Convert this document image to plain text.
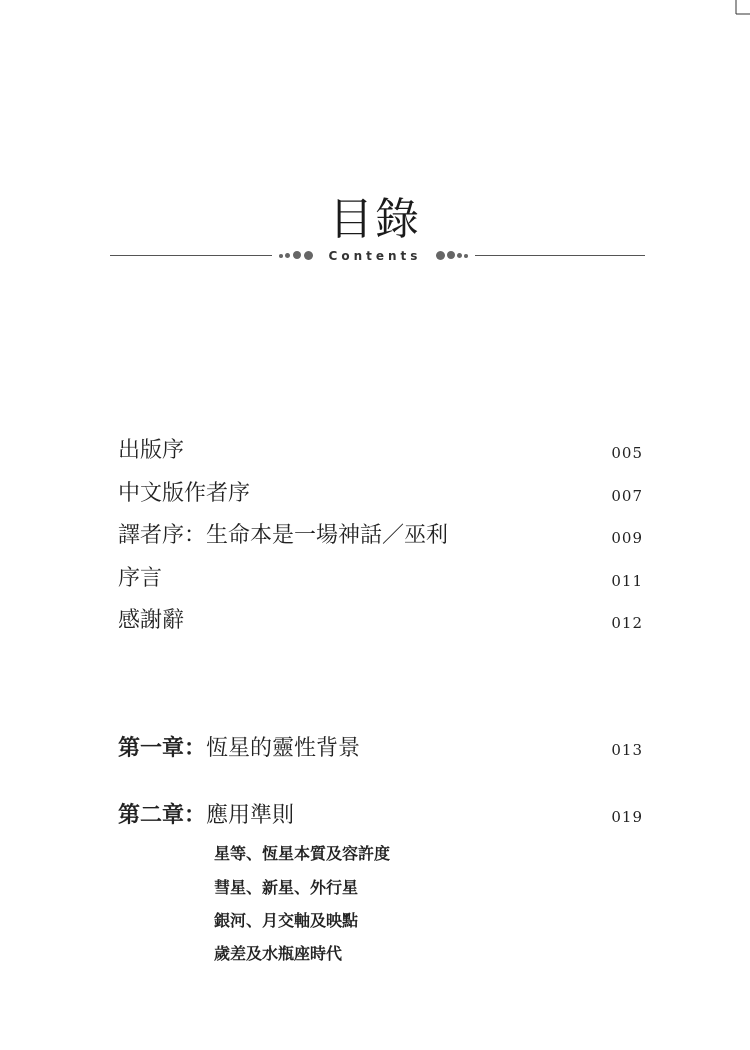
目錄
Contents
出版序	005
中文版作者序	007
譯者序：生命本是一場神話／巫利	009
序言	011
感謝辭	012
第一章：恆星的靈性背景	013
第二章：應用準則	019
星等、恆星本質及容許度
彗星、新星、外行星
銀河、月交軸及映點
歲差及水瓶座時代
